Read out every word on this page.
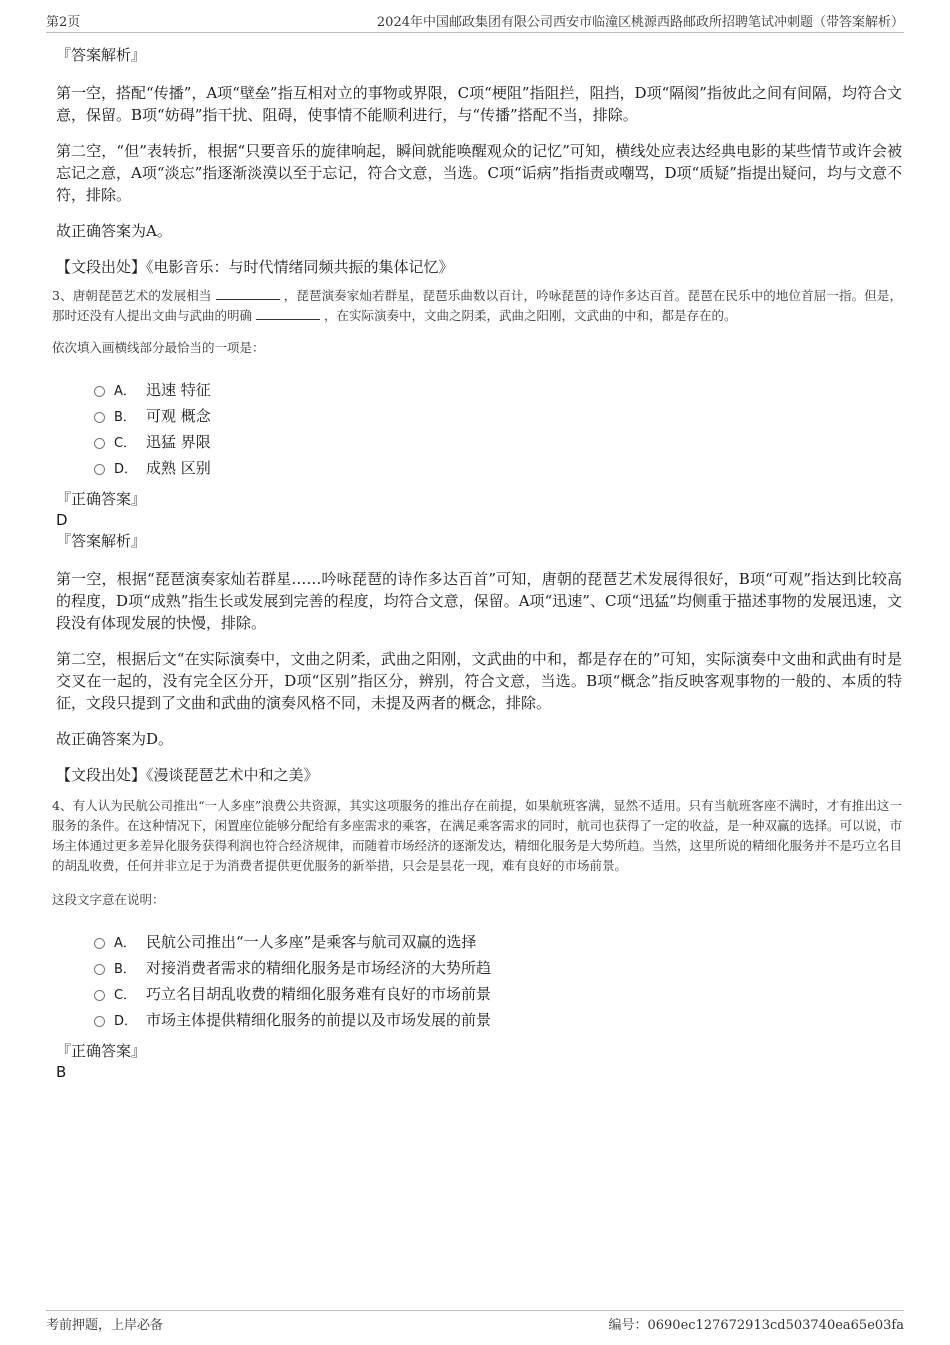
第2页	2024年中国邮政集团有限公司西安市临潼区桃源西路邮政所招聘笔试冲刺题（带答案解析）

『答案解析』

第一空，搭配“传播”，A项“壁垒”指互相对立的事物或界限，C项“梗阻”指阻拦，阻挡，D项“隔阂”指彼此之间有间隔，均符合文意，保留。B项“妨碍”指干扰、阻碍，使事情不能顺利进行，与“传播”搭配不当，排除。

第二空，“但”表转折，根据“只要音乐的旋律响起，瞬间就能唤醒观众的记忆”可知，横线处应表达经典电影的某些情节或许会被忘记之意，A项“淡忘”指逐渐淡漠以至于忘记，符合文意，当选。C项“诟病”指指责或嘲骂，D项“质疑”指提出疑问，均与文意不符，排除。

故正确答案为A。

【文段出处】《电影音乐：与时代情绪同频共振的集体记忆》

3、唐朝琵琶艺术的发展相当	，琵琶演奏家灿若群星，琵琶乐曲数以百计，吟咏琵琶的诗作多达百首。琵琶在民乐中的地位首屈一指。但是，那时还没有人提出文曲与武曲的明确	，在实际演奏中，文曲之阴柔，武曲之阳刚，文武曲的中和，都是存在的。

依次填入画横线部分最恰当的一项是：

A． 迅速 特征
B． 可观 概念
C． 迅猛 界限
D． 成熟 区别

『正确答案』

D

『答案解析』

第一空，根据“琵琶演奏家灿若群星……吟咏琵琶的诗作多达百首”可知，唐朝的琵琶艺术发展得很好，B项“可观”指达到比较高的程度，D项“成熟”指生长或发展到完善的程度，均符合文意，保留。A项“迅速”、C项“迅猛”均侧重于描述事物的发展迅速，文段没有体现发展的快慢，排除。

第二空，根据后文“在实际演奏中，文曲之阴柔，武曲之阳刚，文武曲的中和，都是存在的”可知，实际演奏中文曲和武曲有时是交叉在一起的，没有完全区分开，D项“区别”指区分，辨别，符合文意，当选。B项“概念”指反映客观事物的一般的、本质的特征，文段只提到了文曲和武曲的演奏风格不同，未提及两者的概念，排除。

故正确答案为D。

【文段出处】《漫谈琵琶艺术中和之美》

4、有人认为民航公司推出“一人多座”浪费公共资源，其实这项服务的推出存在前提，如果航班客满，显然不适用。只有当航班客座不满时，才有推出这一服务的条件。在这种情况下，闲置座位能够分配给有多座需求的乘客，在满足乘客需求的同时，航司也获得了一定的收益，是一种双赢的选择。可以说，市场主体通过更多差异化服务获得利润也符合经济规律，而随着市场经济的逐渐发达，精细化服务是大势所趋。当然，这里所说的精细化服务并不是巧立名目的胡乱收费，任何并非立足于为消费者提供更优服务的新举措，只会是昙花一现，难有良好的市场前景。

这段文字意在说明：

A． 民航公司推出“一人多座”是乘客与航司双赢的选择
B． 对接消费者需求的精细化服务是市场经济的大势所趋
C． 巧立名目胡乱收费的精细化服务难有良好的市场前景
D． 市场主体提供精细化服务的前提以及市场发展的前景

『正确答案』

B

考前押题，上岸必备	编号：0690ec127672913cd503740ea65e03fa
